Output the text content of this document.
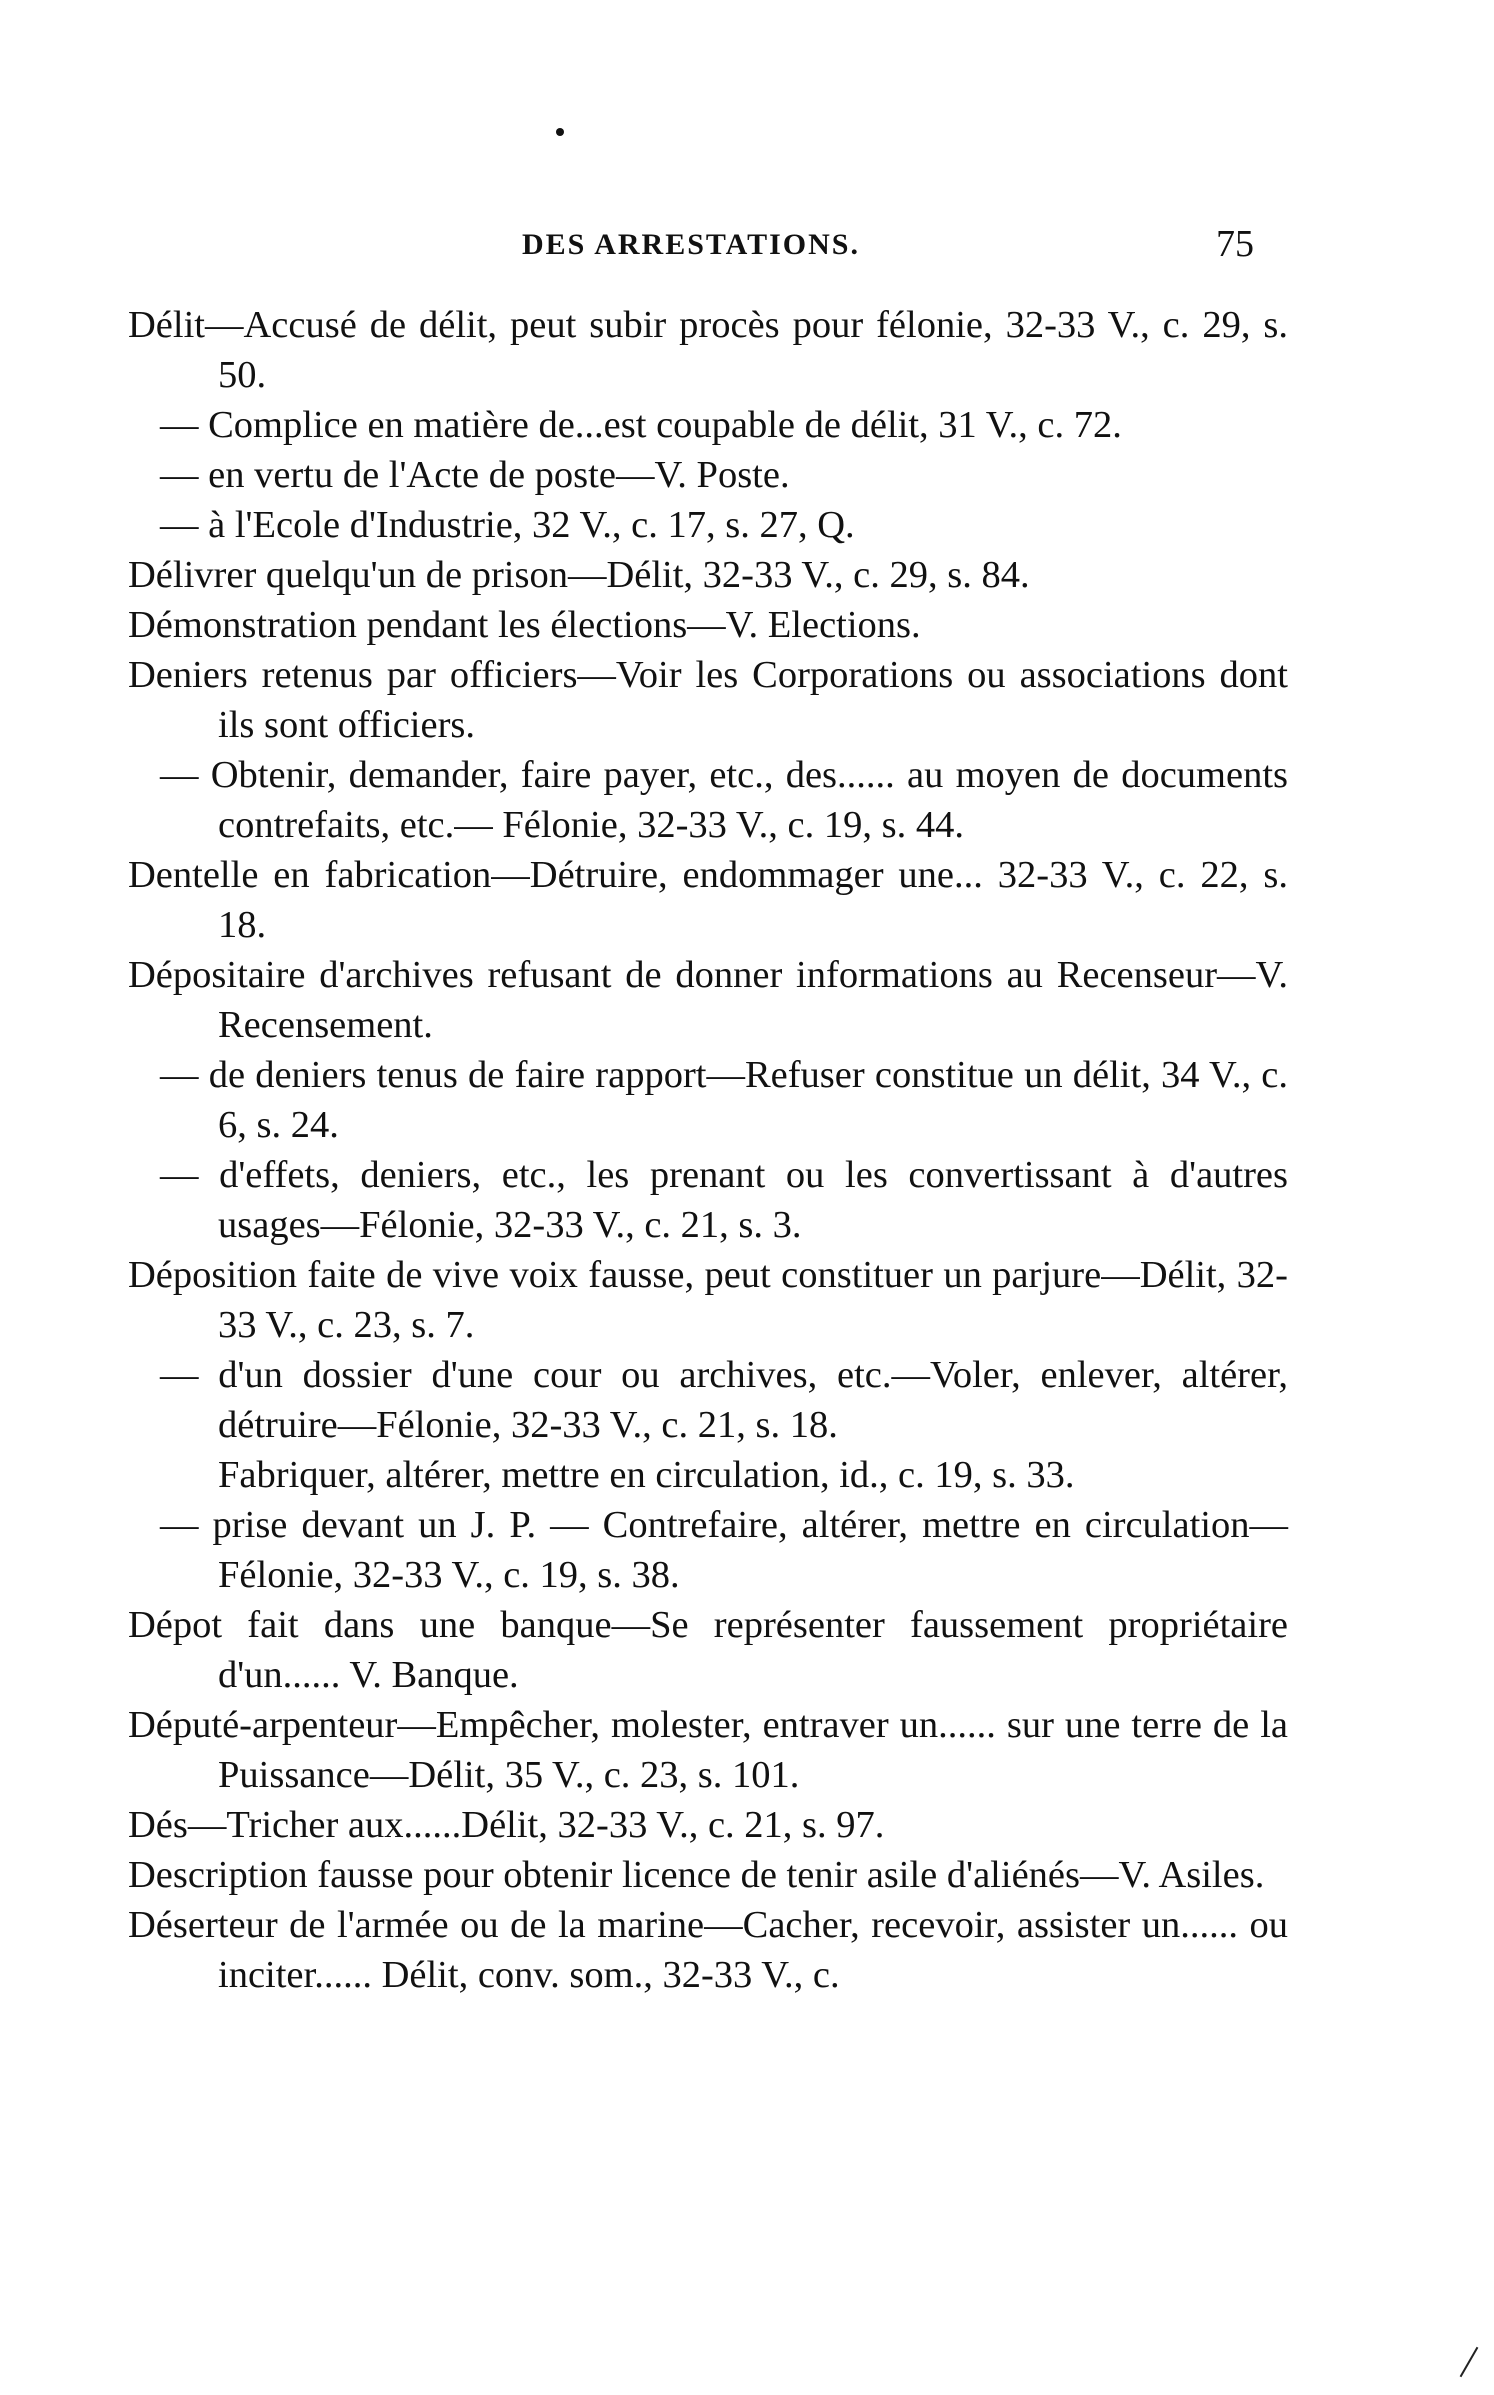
DES ARRESTATIONS.	75

Délit—Accusé de délit, peut subir procès pour félonie, 32-33 V., c. 29, s. 50.

— Complice en matière de...est coupable de délit, 31 V., c. 72.

— en vertu de l'Acte de poste—V. Poste.

— à l'Ecole d'Industrie, 32 V., c. 17, s. 27, Q.

Délivrer quelqu'un de prison—Délit, 32-33 V., c. 29, s. 84.

Démonstration pendant les élections—V. Elections.

Deniers retenus par officiers—Voir les Corporations ou associations dont ils sont officiers.

— Obtenir, demander, faire payer, etc., des...... au moyen de documents contrefaits, etc.— Félonie, 32-33 V., c. 19, s. 44.

Dentelle en fabrication—Détruire, endommager une... 32-33 V., c. 22, s. 18.

Dépositaire d'archives refusant de donner informations au Recenseur—V. Recensement.

— de deniers tenus de faire rapport—Refuser constitue un délit, 34 V., c. 6, s. 24.

— d'effets, deniers, etc., les prenant ou les convertissant à d'autres usages—Félonie, 32-33 V., c. 21, s. 3.

Déposition faite de vive voix fausse, peut constituer un parjure—Délit, 32-33 V., c. 23, s. 7.

— d'un dossier d'une cour ou archives, etc.—Voler, enlever, altérer, détruire—Félonie, 32-33 V., c. 21, s. 18.

Fabriquer, altérer, mettre en circulation, id., c. 19, s. 33.

— prise devant un J. P. — Contrefaire, altérer, mettre en circulation—Félonie, 32-33 V., c. 19, s. 38.

Dépot fait dans une banque—Se représenter faussement propriétaire d'un...... V. Banque.

Député-arpenteur—Empêcher, molester, entraver un...... sur une terre de la Puissance—Délit, 35 V., c. 23, s. 101.

Dés—Tricher aux......Délit, 32-33 V., c. 21, s. 97.

Description fausse pour obtenir licence de tenir asile d'aliénés—V. Asiles.

Déserteur de l'armée ou de la marine—Cacher, recevoir, assister un...... ou inciter...... Délit, conv. som., 32-33 V., c.
